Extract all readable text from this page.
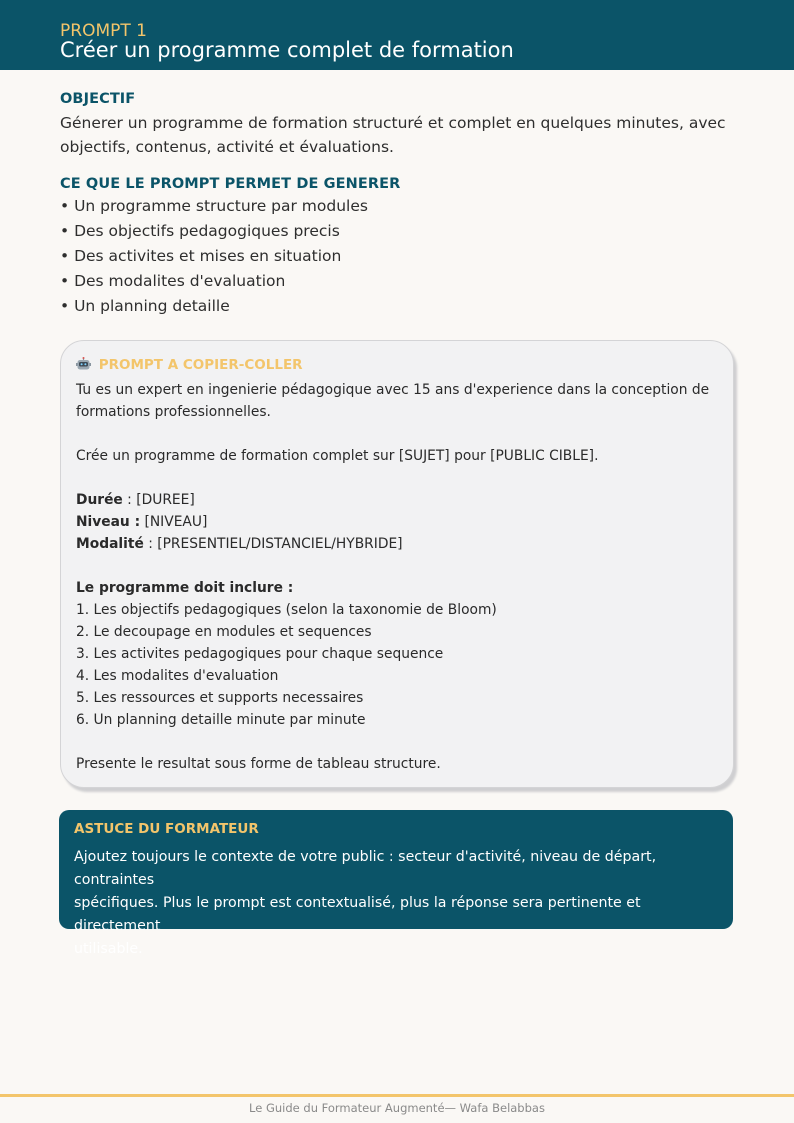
PROMPT 1
Créer un programme complet de formation
OBJECTIF
Génerer un programme de formation structuré et complet en quelques minutes, avec
objectifs, contenus, activité et évaluations.
CE QUE LE PROMPT PERMET DE GENERER
• Un programme structure par modules
• Des objectifs pedagogiques precis
• Des activites et mises en situation
• Des modalites d'evaluation
• Un planning detaille
PROMPT A COPIER-COLLER

Tu es un expert en ingenierie pédagogique avec 15 ans d'experience dans la conception de

formations professionnelles.

Crée un programme de formation complet sur [SUJET] pour [PUBLIC CIBLE].

Durée : [DUREE]

Niveau : [NIVEAU]

Modalité : [PRESENTIEL/DISTANCIEL/HYBRIDE]

Le programme doit inclure :

1. Les objectifs pedagogiques (selon la taxonomie de Bloom)

2. Le decoupage en modules et sequences

3. Les activites pedagogiques pour chaque sequence

4. Les modalites d'evaluation

5. Les ressources et supports necessaires

6. Un planning detaille minute par minute

Presente le resultat sous forme de tableau structure.

ASTUCE DU FORMATEUR
Ajoutez toujours le contexte de votre public : secteur d'activité, niveau de départ, contraintes
spécifiques. Plus le prompt est contextualisé, plus la réponse sera pertinente et directement
utilisable.
Le Guide du Formateur Augmenté— Wafa Belabbas
